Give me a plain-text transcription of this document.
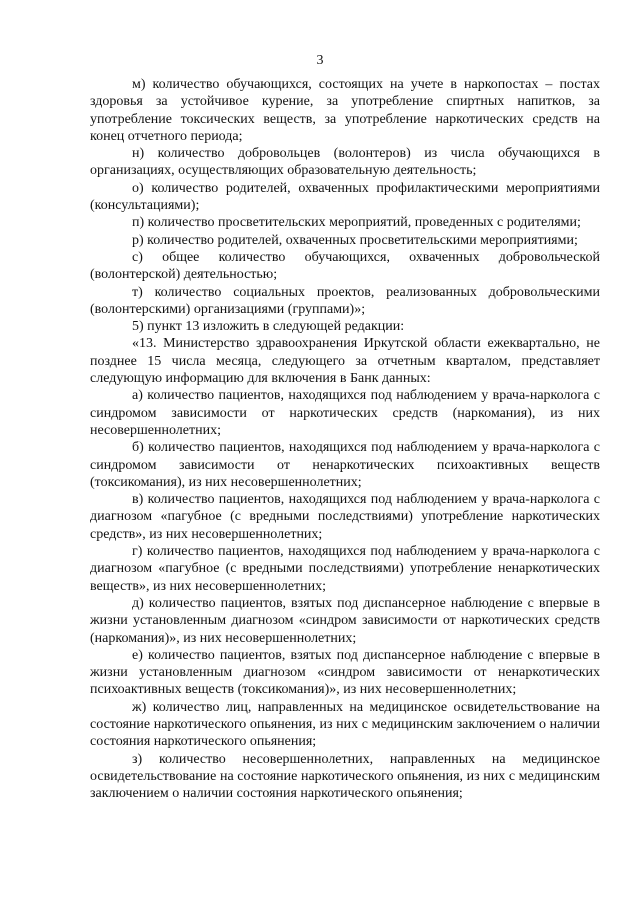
3

м) количество обучающихся, состоящих на учете в наркопостах – постах здоровья за устойчивое курение, за употребление спиртных напитков, за употребление токсических веществ, за употребление наркотических средств на конец отчетного периода;

н) количество добровольцев (волонтеров) из числа обучающихся в организациях, осуществляющих образовательную деятельность;

о) количество родителей, охваченных профилактическими мероприятиями (консультациями);

п) количество просветительских мероприятий, проведенных с родителями;

р) количество родителей, охваченных просветительскими мероприятиями;

с) общее количество обучающихся, охваченных добровольческой (волонтерской) деятельностью;

т) количество социальных проектов, реализованных добровольческими (волонтерскими) организациями (группами)»;

5) пункт 13 изложить в следующей редакции:

«13. Министерство здравоохранения Иркутской области ежеквартально, не позднее 15 числа месяца, следующего за отчетным кварталом, представляет следующую информацию для включения в Банк данных:

а) количество пациентов, находящихся под наблюдением у врача-нарколога с синдромом зависимости от наркотических средств (наркомания), из них несовершеннолетних;

б) количество пациентов, находящихся под наблюдением у врача-нарколога с синдромом зависимости от ненаркотических психоактивных веществ (токсикомания), из них несовершеннолетних;

в) количество пациентов, находящихся под наблюдением у врача-нарколога с диагнозом «пагубное (с вредными последствиями) употребление наркотических средств», из них несовершеннолетних;

г) количество пациентов, находящихся под наблюдением у врача-нарколога с диагнозом «пагубное (с вредными последствиями) употребление ненаркотических веществ», из них несовершеннолетних;

д) количество пациентов, взятых под диспансерное наблюдение с впервые в жизни установленным диагнозом «синдром зависимости от наркотических средств (наркомания)», из них несовершеннолетних;

е) количество пациентов, взятых под диспансерное наблюдение с впервые в жизни установленным диагнозом «синдром зависимости от ненаркотических психоактивных веществ (токсикомания)», из них несовершеннолетних;

ж) количество лиц, направленных на медицинское освидетельствование на состояние наркотического опьянения, из них с медицинским заключением о наличии состояния наркотического опьянения;

з) количество несовершеннолетних, направленных на медицинское освидетельствование на состояние наркотического опьянения, из них с медицинским заключением о наличии состояния наркотического опьянения;
